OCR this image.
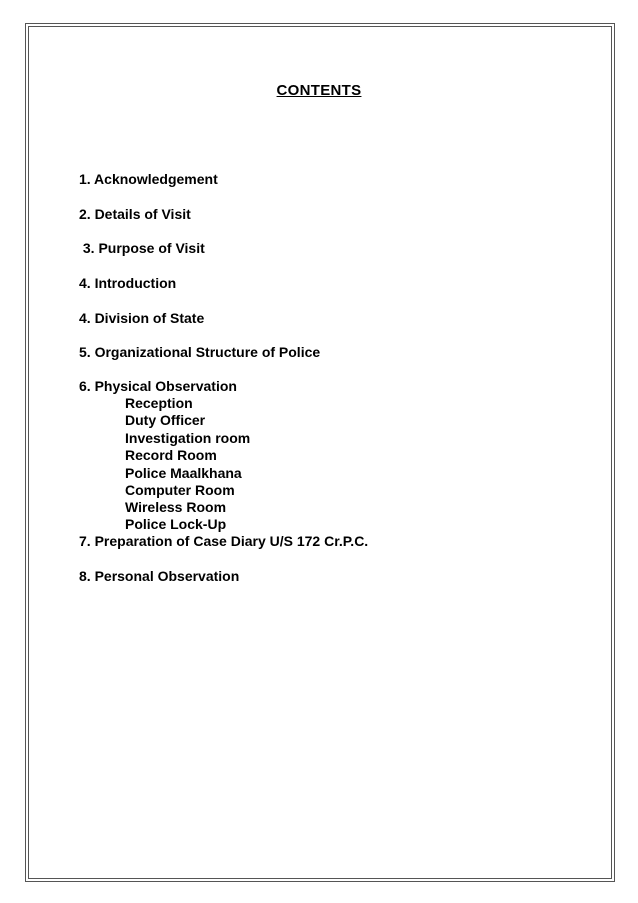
CONTENTS
1. Acknowledgement
2. Details of Visit
3. Purpose of Visit
4. Introduction
4. Division of State
5. Organizational Structure of Police
6. Physical Observation
Reception
Duty Officer
Investigation room
Record Room
Police Maalkhana
Computer Room
Wireless Room
Police Lock-Up
7. Preparation of Case Diary U/S 172 Cr.P.C.
8. Personal Observation
